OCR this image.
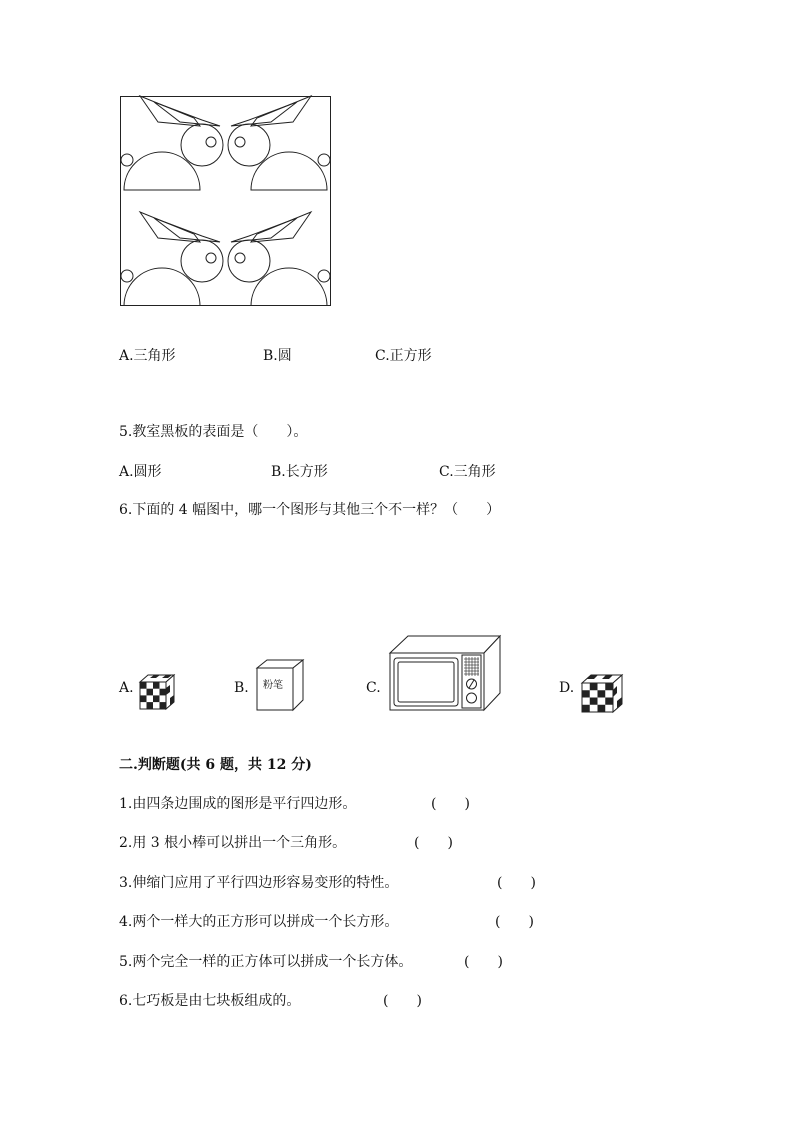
A.三角形	B.圆	C.正方形
5.教室黑板的表面是（　　）。
A.圆形	B.长方形	C.三角形
6.下面的 4 幅图中，哪一个图形与其他三个不一样？（　　）
A.	B. 粉笔	C.	D.
二.判断题(共 6 题，共 12 分)
1.由四条边围成的图形是平行四边形。	(　　)
2.用 3 根小棒可以拼出一个三角形。	(　　)
3.伸缩门应用了平行四边形容易变形的特性。	(　　)
4.两个一样大的正方形可以拼成一个长方形。	(　　)
5.两个完全一样的正方体可以拼成一个长方体。	(　　)
6.七巧板是由七块板组成的。	(　　)
